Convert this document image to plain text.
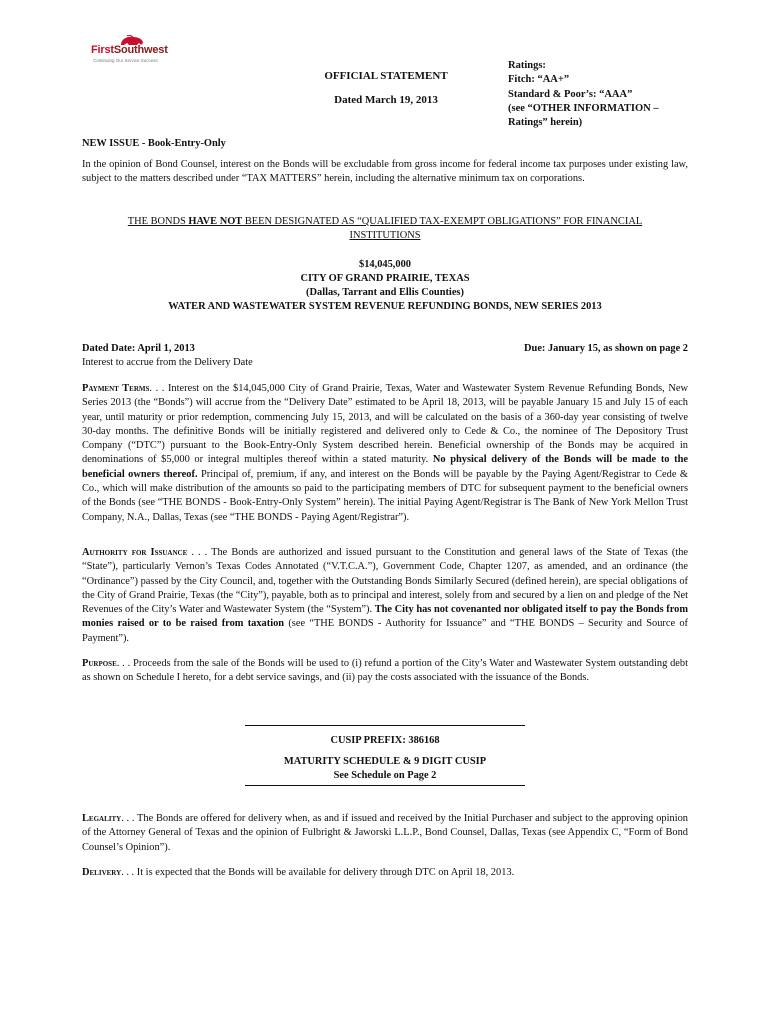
FirstSouthwest
Continuing Our Service Success
OFFICIAL STATEMENT
Dated March 19, 2013
Ratings:
Fitch: “AA+”
Standard & Poor’s: “AAA”
(see “OTHER INFORMATION –
Ratings” herein)
NEW ISSUE - Book-Entry-Only
In the opinion of Bond Counsel, interest on the Bonds will be excludable from gross income for federal income tax purposes under existing law, subject to the matters described under “TAX MATTERS” herein, including the alternative minimum tax on corporations.
THE BONDS HAVE NOT BEEN DESIGNATED AS “QUALIFIED TAX-EXEMPT OBLIGATIONS” FOR FINANCIAL INSTITUTIONS
$14,045,000
CITY OF GRAND PRAIRIE, TEXAS
(Dallas, Tarrant and Ellis Counties)
WATER AND WASTEWATER SYSTEM REVENUE REFUNDING BONDS, NEW SERIES 2013
Dated Date: April 1, 2013
Interest to accrue from the Delivery Date
Due: January 15, as shown on page 2
Payment Terms. . . Interest on the $14,045,000 City of Grand Prairie, Texas, Water and Wastewater System Revenue Refunding Bonds, New Series 2013 (the “Bonds”) will accrue from the “Delivery Date” estimated to be April 18, 2013, will be payable January 15 and July 15 of each year, until maturity or prior redemption, commencing July 15, 2013, and will be calculated on the basis of a 360-day year consisting of twelve 30-day months. The definitive Bonds will be initially registered and delivered only to Cede & Co., the nominee of The Depository Trust Company (“DTC”) pursuant to the Book-Entry-Only System described herein. Beneficial ownership of the Bonds may be acquired in denominations of $5,000 or integral multiples thereof within a stated maturity. No physical delivery of the Bonds will be made to the beneficial owners thereof. Principal of, premium, if any, and interest on the Bonds will be payable by the Paying Agent/Registrar to Cede & Co., which will make distribution of the amounts so paid to the participating members of DTC for subsequent payment to the beneficial owners of the Bonds (see “THE BONDS - Book-Entry-Only System” herein). The initial Paying Agent/Registrar is The Bank of New York Mellon Trust Company, N.A., Dallas, Texas (see “THE BONDS - Paying Agent/Registrar”).
Authority for Issuance . . . The Bonds are authorized and issued pursuant to the Constitution and general laws of the State of Texas (the “State”), particularly Vernon’s Texas Codes Annotated (“V.T.C.A.”), Government Code, Chapter 1207, as amended, and an ordinance (the “Ordinance”) passed by the City Council, and, together with the Outstanding Bonds Similarly Secured (defined herein), are special obligations of the City of Grand Prairie, Texas (the “City”), payable, both as to principal and interest, solely from and secured by a lien on and pledge of the Net Revenues of the City’s Water and Wastewater System (the “System”). The City has not covenanted nor obligated itself to pay the Bonds from monies raised or to be raised from taxation (see “THE BONDS - Authority for Issuance” and “THE BONDS – Security and Source of Payment”).
Purpose. . . Proceeds from the sale of the Bonds will be used to (i) refund a portion of the City’s Water and Wastewater System outstanding debt as shown on Schedule I hereto, for a debt service savings, and (ii) pay the costs associated with the issuance of the Bonds.
CUSIP PREFIX: 386168
MATURITY SCHEDULE & 9 DIGIT CUSIP
See Schedule on Page 2
Legality. . . The Bonds are offered for delivery when, as and if issued and received by the Initial Purchaser and subject to the approving opinion of the Attorney General of Texas and the opinion of Fulbright & Jaworski L.L.P., Bond Counsel, Dallas, Texas (see Appendix C, “Form of Bond Counsel’s Opinion”).
Delivery. . . It is expected that the Bonds will be available for delivery through DTC on April 18, 2013.
